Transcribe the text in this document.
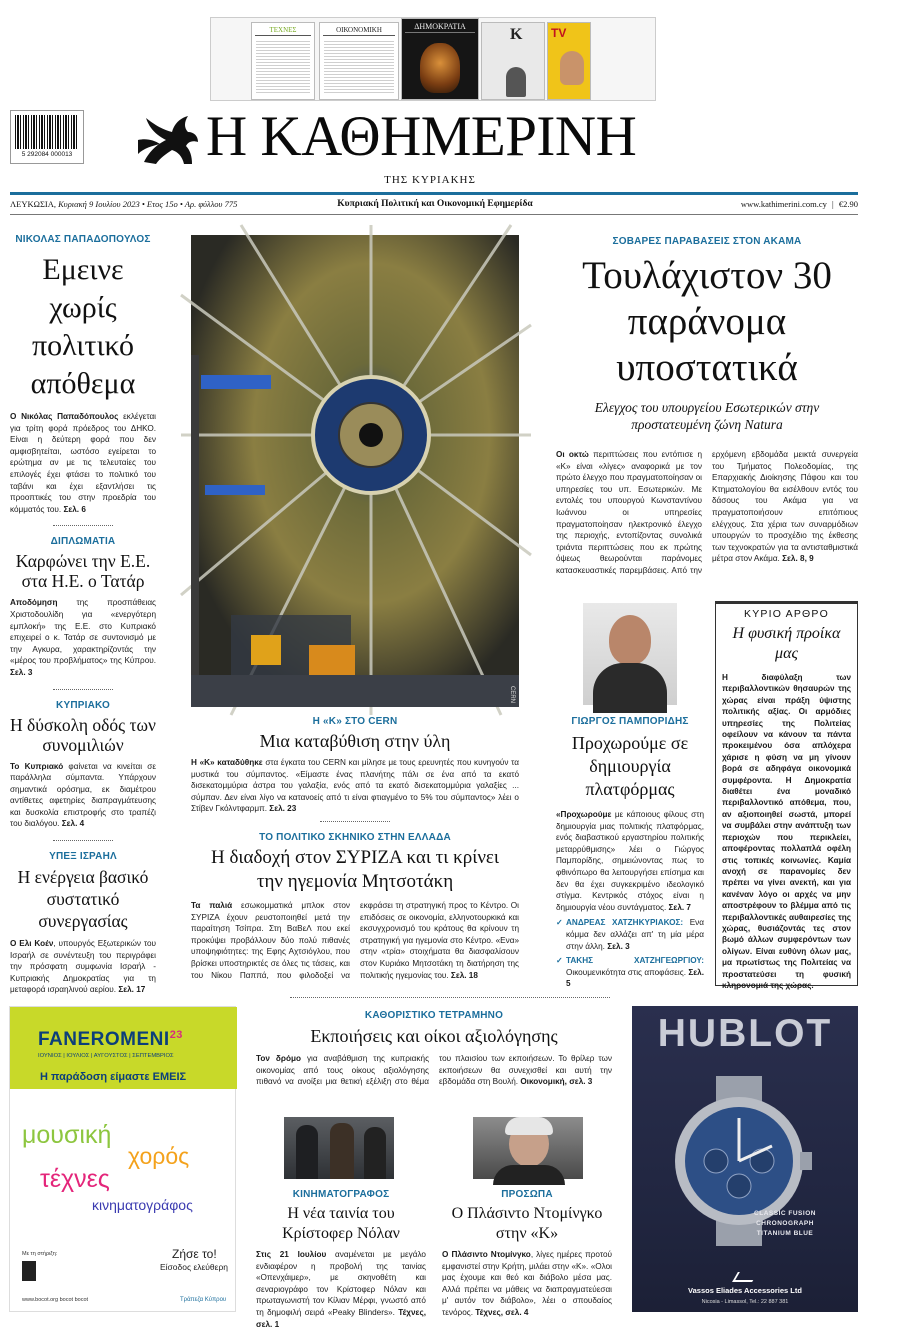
ΤΕΧΝΕΣ	ΟΙΚΟΝΟΜΙΚΗ	ΔΗΜΟΚΡΑΤΙΑ	K	TV
5 292084 000013 Η ΚΑΘΗΜΕΡΙΝΗ
ΤΗΣ ΚΥΡΙΑΚΗΣ
ΛΕΥΚΩΣΙΑ, Κυριακή 9 Ιουλίου 2023 • Ετος 15ο • Αρ. φύλλου 775	Κυπριακή Πολιτική και Οικονομική Εφημερίδα	www.kathimerini.com.cy | €2.90
ΝΙΚΟΛΑΣ ΠΑΠΑΔΟΠΟΥΛΟΣ
Εμεινε χωρίς πολιτικό απόθεμα
Ο Νικόλας Παπαδόπουλος εκλέγεται για τρίτη φορά πρόεδρος του ΔΗΚΟ. Είναι η δεύτερη φορά που δεν αμφισβητείται, ωστόσο εγείρεται το ερώτημα αν με τις τελευταίες του επιλογές έχει φτάσει το πολιτικό του ταβάνι και έχει εξαντλήσει τις προοπτικές του στην προεδρία του κόμματός του. Σελ. 6
ΔΙΠΛΩΜΑΤΙΑ
Καρφώνει την Ε.Ε. στα Η.Ε. ο Τατάρ
Αποδόμηση της προσπάθειας Χριστοδουλίδη για «ενεργότερη εμπλοκή» της Ε.Ε. στο Κυπριακό επιχειρεί ο κ. Τατάρ σε συντονισμό με την Αγκυρα, χαρακτηρίζοντάς την «μέρος του προβλήματος» της Κύπρου. Σελ. 3
ΚΥΠΡΙΑΚΟ
Η δύσκολη οδός των συνομιλιών
Το Κυπριακό φαίνεται να κινείται σε παράλληλα σύμπαντα. Υπάρχουν σημαντικά ορόσημα, εκ διαμέτρου αντίθετες αφετηρίες διαπραγμάτευσης και δυσκολία επιστροφής στο τραπέζι του διαλόγου. Σελ. 4
ΥΠΕΞ ΙΣΡΑΗΛ
Η ενέργεια βασικό συστατικό συνεργασίας
Ο Ελι Κοέν, υπουργός Εξωτερικών του Ισραήλ σε συνέντευξη του περιγράφει την πρόσφατη συμφωνία Ισραήλ - Κυπριακής Δημοκρατίας για τη μεταφορά ισραηλινού αερίου. Σελ. 17
CERN
Η «Κ» ΣΤΟ CERN
Μια καταβύθιση στην ύλη
Η «Κ» καταδύθηκε στα έγκατα του CERN και μίλησε με τους ερευνητές που κυνηγούν τα μυστικά του σύμπαντος. «Είμαστε ένας πλανήτης πάλι σε ένα από τα εκατό δισεκατομμύρια άστρα του γαλαξία, ενός από τα εκατό δισεκατομμύρια γαλαξίες ... σύμπαν. Δεν είναι λίγο να κατανοείς από τι είναι φτιαγμένο το 5% του σύμπαντος» λέει ο Στίβεν Γκόλντφαρμπ. Σελ. 23
ΤΟ ΠΟΛΙΤΙΚΟ ΣΚΗΝΙΚΟ ΣΤΗΝ ΕΛΛΑΔΑ
Η διαδοχή στον ΣΥΡΙΖΑ και τι κρίνει την ηγεμονία Μητσοτάκη
Τα παλιά εσωκομματικά μπλοκ στον ΣΥΡΙΖΑ έχουν ρευστοποιηθεί μετά την παραίτηση Τσίπρα. Στη ΒαΒεΛ που εκεί προκύψει προβάλλουν δύο πολύ πιθανές υποψηφιότητες: της Εφης Αχτσιόγλου, που βρίσκει υποστηρικτές σε όλες τις τάσεις, και του Νίκου Παππά, που φιλοδοξεί να εκφράσει τη στρατηγική προς το Κέντρο. Οι επιδόσεις σε οικονομία, ελληνοτουρκικά και εκσυγχρονισμό του κράτους θα κρίνουν τη στρατηγική για ηγεμονία στο Κέντρο. «Ενα» στην «τρία» στοιχήματα θα διασφαλίσουν στον Κυριάκο Μητσοτάκη τη διατήρηση της πολιτικής ηγεμονίας του. Σελ. 18
ΣΟΒΑΡΕΣ ΠΑΡΑΒΑΣΕΙΣ ΣΤΟΝ ΑΚΑΜΑ
Τουλάχιστον 30 παράνομα υποστατικά
Ελεγχος του υπουργείου Εσωτερικών στην προστατευμένη ζώνη Natura
Οι οκτώ περιπτώσεις που εντόπισε η «Κ» είναι «λίγες» αναφορικά με τον πρώτο έλεγχο που πραγματοποίησαν οι υπηρεσίες του υπ. Εσωτερικών. Με εντολές του υπουργού Κωνσταντίνου Ιωάννου οι υπηρεσίες πραγματοποίησαν ηλεκτρονικό έλεγχο της περιοχής, εντοπίζοντας συνολικά τριάντα περιπτώσεις που εκ πρώτης όψεως θεωρούνται παράνομες κατασκευαστικές παρεμβάσεις. Από την ερχόμενη εβδομάδα μεικτά συνεργεία του Τμήματος Πολεοδομίας, της Επαρχιακής Διοίκησης Πάφου και του Κτηματολογίου θα εισέλθουν εντός του δάσους του Ακάμα για να πραγματοποιήσουν επιτόπιους ελέγχους. Στα χέρια των συναρμόδιων υπουργών το προσχέδιο της έκθεσης των τεχνοκρατών για τα αντισταθμιστικά μέτρα στον Ακάμα. Σελ. 8, 9
ΓΙΩΡΓΟΣ ΠΑΜΠΟΡΙΔΗΣ
Προχωρούμε σε δημιουργία πλατφόρμας
«Προχωρούμε με κάποιους φίλους στη δημιουργία μιας πολιτικής πλατφόρμας, ενός διαβαστικού εργαστηρίου πολιτικής μεταρρύθμισης» λέει ο Γιώργος Παμπορίδης, σημειώνοντας πως το φθινόπωρο θα λειτουργήσει επίσημα και δεν θα έχει συγκεκριμένο ιδεολογικό στίγμα. Κεντρικός στόχος είναι η δημιουργία νέου συντάγματος. Σελ. 7
✓ ΑΝΔΡΕΑΣ ΧΑΤΖΗΚΥΡΙΑΚΟΣ: Ενα κόμμα δεν αλλάζει απ' τη μία μέρα στην άλλη. Σελ. 3
✓ ΤΑΚΗΣ ΧΑΤΖΗΓΕΩΡΓΙΟΥ: Οικουμενικότητα στις αποφάσεις. Σελ. 5
ΚΥΡΙΟ ΑΡΘΡΟ
Η φυσική προίκα μας
Η διαφύλαξη των περιβαλλοντικών θησαυρών της χώρας είναι πράξη ύψιστης πολιτικής αξίας. Οι αρμόδιες υπηρεσίες της Πολιτείας οφείλουν να κάνουν τα πάντα προκειμένου όσα απλόχερα χάρισε η φύση να μη γίνουν βορά σε αδηφάγα οικονομικά συμφέροντα. Η Δημοκρατία διαθέτει ένα μοναδικό περιβαλλοντικό απόθεμα, που, αν αξιοποιηθεί σωστά, μπορεί να συμβάλει στην ανάπτυξη των περιοχών που περικλείει, αποφέροντας πολλαπλά οφέλη στις τοπικές κοινωνίες. Καμία ανοχή σε παρανομίες δεν πρέπει να γίνει ανεκτή, και για κανέναν λόγο οι αρχές να μην αποστρέφουν το βλέμμα από τις περιβαλλοντικές αυθαιρεσίες της χώρας, θυσιάζοντάς τες στον βωμό άλλων συμφερόντων των ολίγων. Είναι ευθύνη όλων μας, μα πρωτίστως της Πολιτείας να προστατεύσει τη φυσική κληρονομιά της χώρας.
ΚΑΘΟΡΙΣΤΙΚΟ ΤΕΤΡΑΜΗΝΟ
Εκποιήσεις και οίκοι αξιολόγησης
Τον δρόμο για αναβάθμιση της κυπριακής οικονομίας από τους οίκους αξιολόγησης πιθανό να ανοίξει μια θετική εξέλιξη στο θέμα του πλαισίου των εκποιήσεων. Το θρίλερ των εκποιήσεων θα συνεχισθεί και αυτή την εβδομάδα στη Βουλή. Οικονομική, σελ. 3
ΚΙΝΗΜΑΤΟΓΡΑΦΟΣ
Η νέα ταινία του Κρίστοφερ Νόλαν
Στις 21 Ιουλίου αναμένεται με μεγάλο ενδιαφέρον η προβολή της ταινίας «Οπενχάιμερ», με σκηνοθέτη και σεναριογράφο τον Κρίστοφερ Νόλαν και πρωταγωνιστή τον Κίλιαν Μέρφι, γνωστό από τη δημοφιλή σειρά «Peaky Blinders». Τέχνες, σελ. 1
ΠΡΟΣΩΠΑ
Ο Πλάσιντο Ντομίνγκο στην «Κ»
Ο Πλάσιντο Ντομίνγκο, λίγες ημέρες προτού εμφανιστεί στην Κρήτη, μιλάει στην «Κ». «Ολοι μας έχουμε και θεό και διάβολο μέσα μας. Αλλά πρέπει να μάθεις να διαπραγματεύεσαι μ' αυτόν τον διάβολο», λέει ο σπουδαίος τενόρος. Τέχνες, σελ. 4
FANEROMENI$^{23}$
ΙΟΥΝΙΟΣ | ΙΟΥΛΙΟΣ | ΑΥΓΟΥΣΤΟΣ | ΣΕΠΤΕΜΒΡΙΟΣ
Η παράδοση είμαστε ΕΜΕΙΣ
μουσική
χορός
τέχνες
κινηματογράφος
Ζήσε το!
Είσοδος ελεύθερη
Με τη στήριξη:
www.bocot.org bocot bocot	Τράπεζα Κύπρου
HUBLOT
CLASSIC FUSION
CHRONOGRAPH
TITANIUM BLUE
Vassos Eliades Accessories Ltd
Nicosia - Limassol, Tel.: 22 887 381
